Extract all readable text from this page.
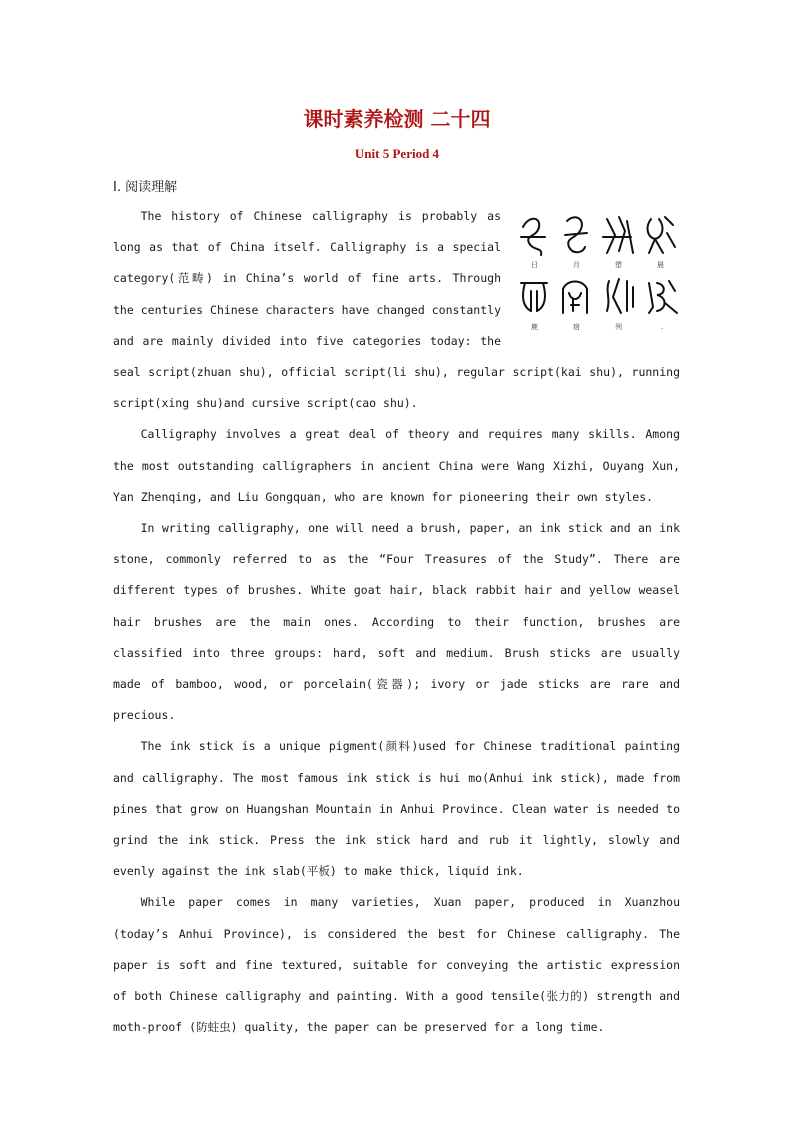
课时素养检测 二十四
Unit 5 Period 4
Ⅰ. 阅读理解
日	月	塑	晨
鹿	宿	列	.

The history of Chinese calligraphy is probably as long as that of China itself. Calligraphy is a special category(范畴) in China’s world of fine arts. Through the centuries Chinese characters have changed constantly and are mainly divided into five categories today: the seal script(zhuan shu), official script(li shu), regular script(kai shu), running script(xing shu)and cursive script(cao shu).

Calligraphy involves a great deal of theory and requires many skills. Among the most outstanding calligraphers in ancient China were Wang Xizhi, Ouyang Xun, Yan Zhenqing, and Liu Gongquan, who are known for pioneering their own styles.

In writing calligraphy, one will need a brush, paper, an ink stick and an ink stone, commonly referred to as the “Four Treasures of the Study”. There are different types of brushes. White goat hair, black rabbit hair and yellow weasel hair brushes are the main ones. According to their function, brushes are classified into three groups: hard, soft and medium. Brush sticks are usually made of bamboo, wood, or porcelain(瓷器); ivory or jade sticks are rare and precious.

The ink stick is a unique pigment(颜料)used for Chinese traditional painting and calligraphy. The most famous ink stick is hui mo(Anhui ink stick), made from pines that grow on Huangshan Mountain in Anhui Province. Clean water is needed to grind the ink stick. Press the ink stick hard and rub it lightly, slowly and evenly against the ink slab(平板) to make thick, liquid ink.

While paper comes in many varieties, Xuan paper, produced in Xuanzhou (today’s Anhui Province), is considered the best for Chinese calligraphy. The paper is soft and fine textured, suitable for conveying the artistic expression of both Chinese calligraphy and painting. With a good tensile(张力的) strength and moth-proof (防蛀虫) quality, the paper can be preserved for a long time.
